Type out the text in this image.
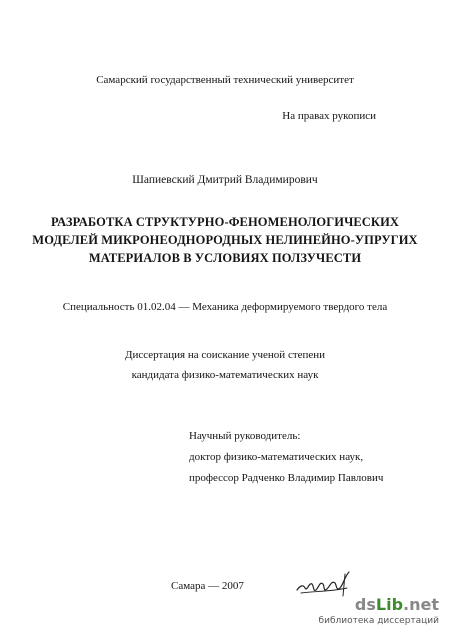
Самарский государственный технический университет
На правах рукописи
Шапиевский Дмитрий Владимирович
РАЗРАБОТКА СТРУКТУРНО-ФЕНОМЕНОЛОГИЧЕСКИХ
МОДЕЛЕЙ МИКРОНЕОДНОРОДНЫХ НЕЛИНЕЙНО-УПРУГИХ
МАТЕРИАЛОВ В УСЛОВИЯХ ПОЛЗУЧЕСТИ
Специальность 01.02.04 — Механика деформируемого твердого тела
Диссертация на соискание ученой степени
кандидата физико-математических наук
Научный руководитель:
доктор физико-математических наук,
профессор Радченко Владимир Павлович
Самара — 2007
dsLib.net
библиотека диссертаций
